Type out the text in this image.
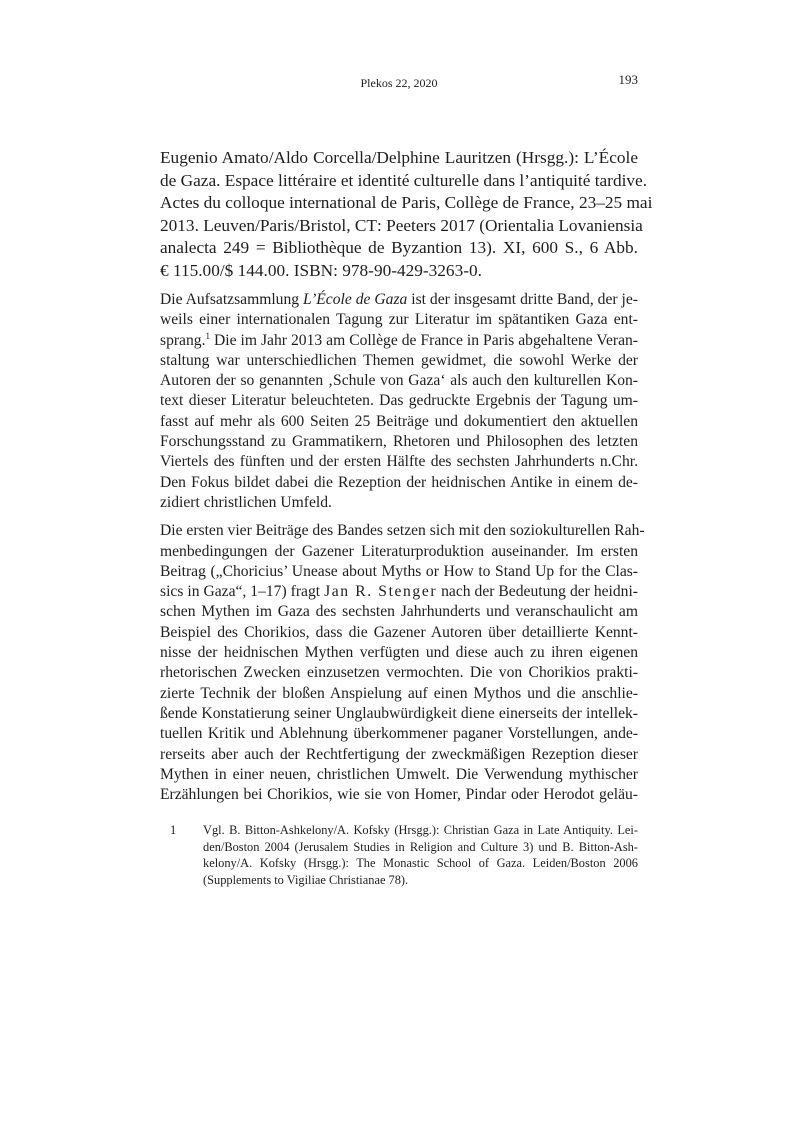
Plekos 22, 2020	193
Eugenio Amato/Aldo Corcella/Delphine Lauritzen (Hrsgg.): L’École
de Gaza. Espace littéraire et identité culturelle dans l’antiquité tardive.
Actes du colloque international de Paris, Collège de France, 23–25 mai
2013. Leuven/Paris/Bristol, CT: Peeters 2017 (Orientalia Lovaniensia
analecta 249 = Bibliothèque de Byzantion 13). XI, 600 S., 6 Abb.
€ 115.00/$ 144.00. ISBN: 978-90-429-3263-0.

Die Aufsatzsammlung L’École de Gaza ist der insgesamt dritte Band, der je-
weils einer internationalen Tagung zur Literatur im spätantiken Gaza ent-
sprang.$^1$ Die im Jahr 2013 am Collège de France in Paris abgehaltene Veran-
staltung war unterschiedlichen Themen gewidmet, die sowohl Werke der
Autoren der so genannten ‚Schule von Gaza‘ als auch den kulturellen Kon-
text dieser Literatur beleuchteten. Das gedruckte Ergebnis der Tagung um-
fasst auf mehr als 600 Seiten 25 Beiträge und dokumentiert den aktuellen
Forschungsstand zu Grammatikern, Rhetoren und Philosophen des letzten
Viertels des fünften und der ersten Hälfte des sechsten Jahrhunderts n.Chr.
Den Fokus bildet dabei die Rezeption der heidnischen Antike in einem de-
zidiert christlichen Umfeld.

Die ersten vier Beiträge des Bandes setzen sich mit den soziokulturellen Rah-
menbedingungen der Gazener Literaturproduktion auseinander. Im ersten
Beitrag („Choricius’ Unease about Myths or How to Stand Up for the Clas-
sics in Gaza“, 1–17) fragt Jan R. Stenger nach der Bedeutung der heidni-
schen Mythen im Gaza des sechsten Jahrhunderts und veranschaulicht am
Beispiel des Chorikios, dass die Gazener Autoren über detaillierte Kennt-
nisse der heidnischen Mythen verfügten und diese auch zu ihren eigenen
rhetorischen Zwecken einzusetzen vermochten. Die von Chorikios prakti-
zierte Technik der bloßen Anspielung auf einen Mythos und die anschlie-
ßende Konstatierung seiner Unglaubwürdigkeit diene einerseits der intellek-
tuellen Kritik und Ablehnung überkommener paganer Vorstellungen, ande-
rerseits aber auch der Rechtfertigung der zweckmäßigen Rezeption dieser
Mythen in einer neuen, christlichen Umwelt. Die Verwendung mythischer
Erzählungen bei Chorikios, wie sie von Homer, Pindar oder Herodot geläu-

1 Vgl. B. Bitton-Ashkelony/A. Kofsky (Hrsgg.): Christian Gaza in Late Antiquity. Lei-
den/Boston 2004 (Jerusalem Studies in Religion and Culture 3) und B. Bitton-Ash-
kelony/A. Kofsky (Hrsgg.): The Monastic School of Gaza. Leiden/Boston 2006
(Supplements to Vigiliae Christianae 78).
